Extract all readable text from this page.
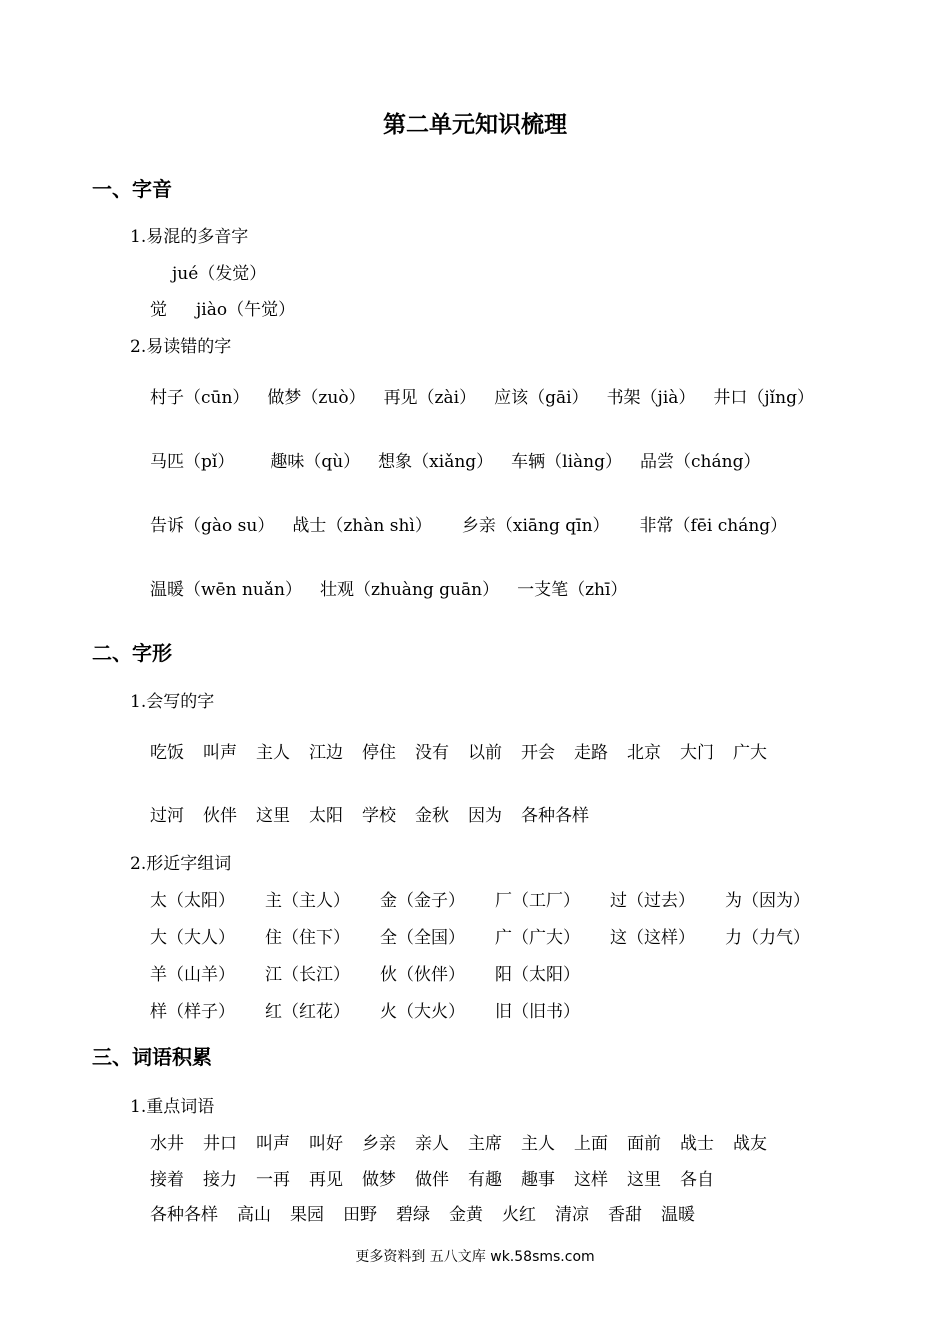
第二单元知识梳理
一、字音
1.易混的多音字
jué（发觉）
觉 jiào（午觉）
2.易读错的字
村子（cūn） 做梦（zuò） 再见（zài） 应该（gāi） 书架（jià） 井口（jǐng）
马匹（pǐ） 趣味（qù） 想象（xiǎng） 车辆（liàng） 品尝（cháng）
告诉（gào su） 战士（zhàn shì） 乡亲（xiāng qīn） 非常（fēi cháng）
温暖（wēn nuǎn） 壮观（zhuàng guān） 一支笔（zhī）
二、字形
1.会写的字
吃饭 叫声 主人 江边 停住 没有 以前 开会 走路 北京 大门 广大
过河 伙伴 这里 太阳 学校 金秋 因为 各种各样
2.形近字组词
太（太阳）	主（主人）	金（金子）	厂（工厂）	过（过去）	为（因为）
大（大人）	住（住下）	全（全国）	广（广大）	这（这样）	力（力气）
羊（山羊）	江（长江）	伙（伙伴）	阳（太阳）
样（样子）	红（红花）	火（大火）	旧（旧书）
三、词语积累
1.重点词语
水井 井口 叫声 叫好 乡亲 亲人 主席 主人 上面 面前 战士 战友
接着 接力 一再 再见 做梦 做伴 有趣 趣事 这样 这里 各自
各种各样 高山 果园 田野 碧绿 金黄 火红 清凉 香甜 温暖
更多资料到 五八文库 wk.58sms.com
